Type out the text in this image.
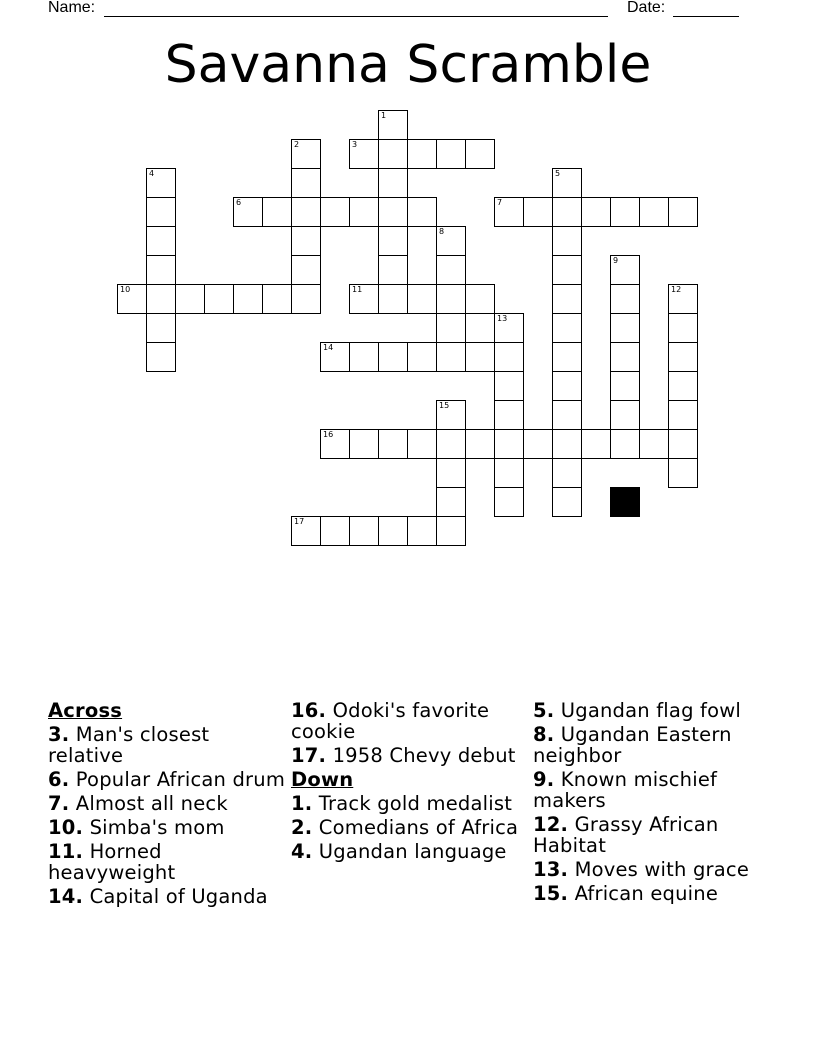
Name:	Date:
Savanna Scramble
1
2	3
4	5
6	7
8
9
10	11	12
13
14
15
16
17
Across
3. Man's closest relative
6. Popular African drum
7. Almost all neck
10. Simba's mom
11. Horned heavyweight
14. Capital of Uganda
16. Odoki's favorite cookie
17. 1958 Chevy debut
Down
1. Track gold medalist
2. Comedians of Africa
4. Ugandan language
5. Ugandan flag fowl
8. Ugandan Eastern neighbor
9. Known mischief makers
12. Grassy African Habitat
13. Moves with grace
15. African equine
